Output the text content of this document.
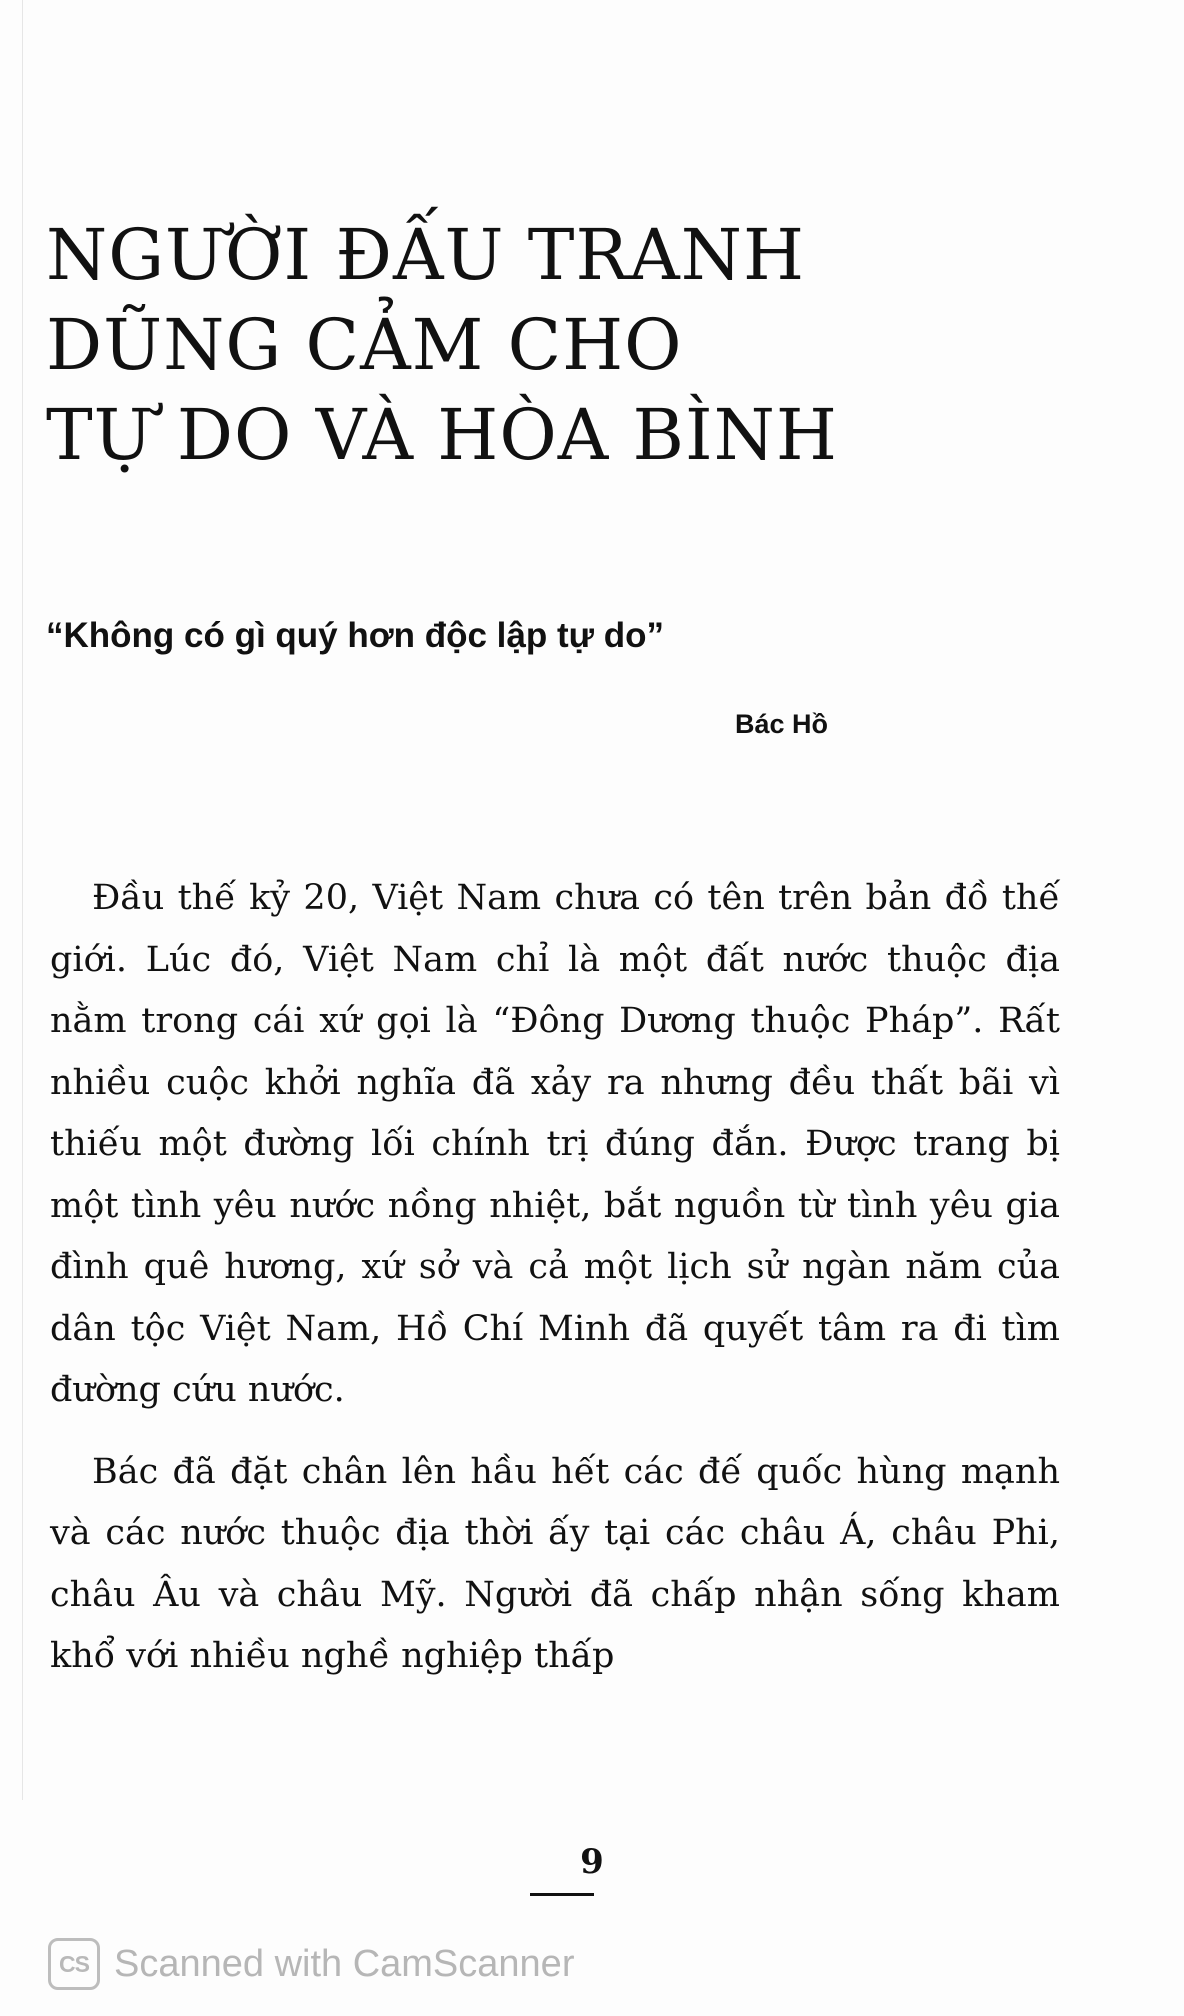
NGƯỜI ĐẤU TRANH
DŨNG CẢM CHO
TỰ DO VÀ HÒA BÌNH
“Không có gì quý hơn độc lập tự do”
Bác Hồ

Đầu thế kỷ 20, Việt Nam chưa có tên trên bản đồ thế giới. Lúc đó, Việt Nam chỉ là một đất nước thuộc địa nằm trong cái xứ gọi là “Đông Dương thuộc Pháp”. Rất nhiều cuộc khởi nghĩa đã xảy ra nhưng đều thất bãi vì thiếu một đường lối chính trị đúng đắn. Được trang bị một tình yêu nước nồng nhiệt, bắt nguồn từ tình yêu gia đình quê hương, xứ sở và cả một lịch sử ngàn năm của dân tộc Việt Nam, Hồ Chí Minh đã quyết tâm ra đi tìm đường cứu nước.

Bác đã đặt chân lên hầu hết các đế quốc hùng mạnh và các nước thuộc địa thời ấy tại các châu Á, châu Phi, châu Âu và châu Mỹ. Người đã chấp nhận sống kham khổ với nhiều nghề nghiệp thấp

9
CS Scanned with CamScanner
